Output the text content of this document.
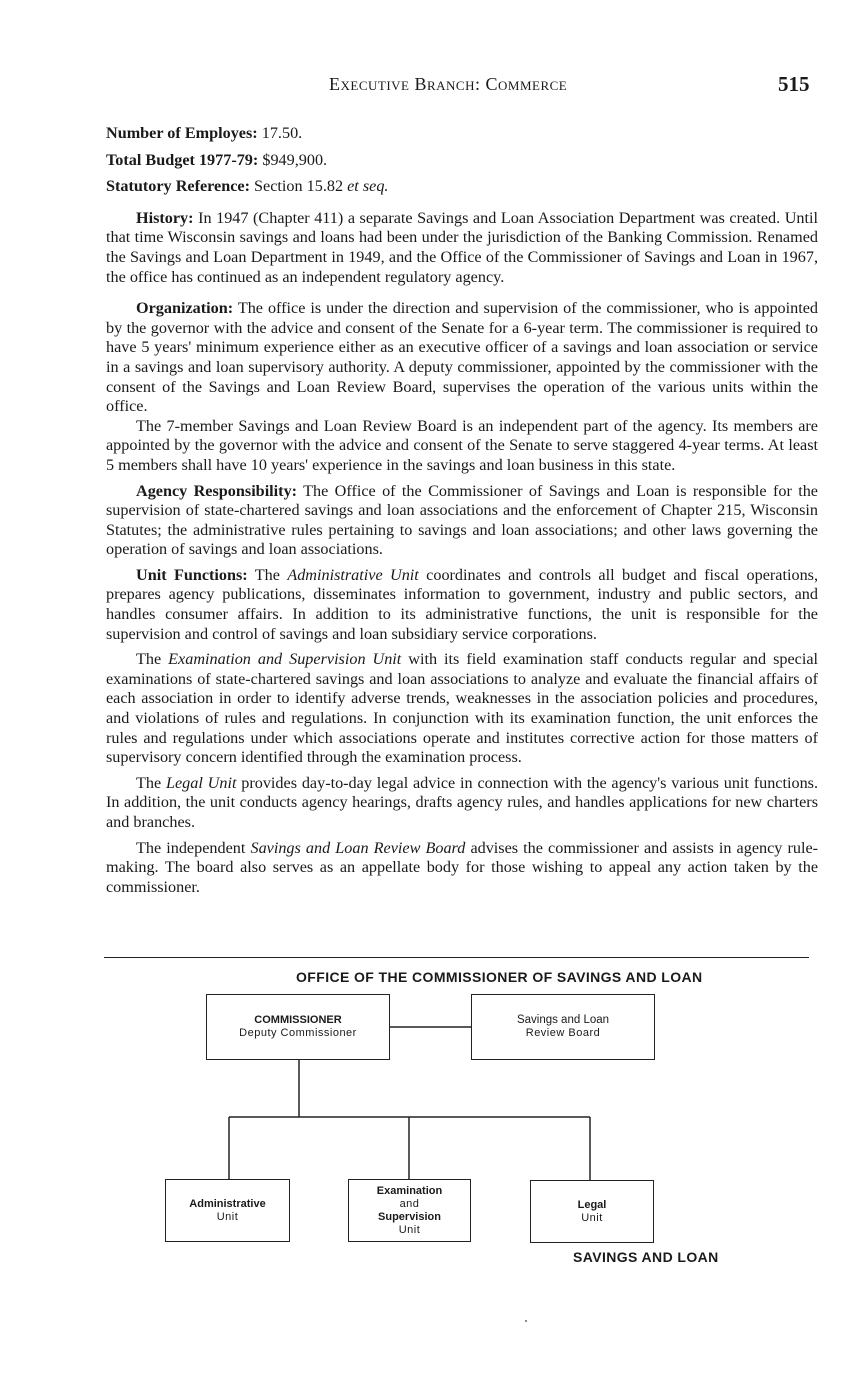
Executive Branch: Commerce	515

Number of Employes: 17.50.

Total Budget 1977-79: $949,900.

Statutory Reference: Section 15.82 et seq.

History: In 1947 (Chapter 411) a separate Savings and Loan Association Department was created. Until that time Wisconsin savings and loans had been under the jurisdiction of the Banking Commission. Renamed the Savings and Loan Department in 1949, and the Office of the Commissioner of Savings and Loan in 1967, the office has continued as an independent regulatory agency.

Organization: The office is under the direction and supervision of the commissioner, who is appointed by the governor with the advice and consent of the Senate for a 6-year term. The commissioner is required to have 5 years' minimum experience either as an executive officer of a savings and loan association or service in a savings and loan supervisory authority. A deputy commissioner, appointed by the commissioner with the consent of the Savings and Loan Review Board, supervises the operation of the various units within the office.

The 7-member Savings and Loan Review Board is an independent part of the agency. Its members are appointed by the governor with the advice and consent of the Senate to serve staggered 4-year terms. At least 5 members shall have 10 years' experience in the savings and loan business in this state.

Agency Responsibility: The Office of the Commissioner of Savings and Loan is responsible for the supervision of state-chartered savings and loan associations and the enforcement of Chapter 215, Wisconsin Statutes; the administrative rules pertaining to savings and loan associations; and other laws governing the operation of savings and loan associations.

Unit Functions: The Administrative Unit coordinates and controls all budget and fiscal operations, prepares agency publications, disseminates information to government, industry and public sectors, and handles consumer affairs. In addition to its administrative functions, the unit is responsible for the supervision and control of savings and loan subsidiary service corporations.

The Examination and Supervision Unit with its field examination staff conducts regular and special examinations of state-chartered savings and loan associations to analyze and evaluate the financial affairs of each association in order to identify adverse trends, weaknesses in the association policies and procedures, and violations of rules and regulations. In conjunction with its examination function, the unit enforces the rules and regulations under which associations operate and institutes corrective action for those matters of supervisory concern identified through the examination process.

The Legal Unit provides day-to-day legal advice in connection with the agency's various unit functions. In addition, the unit conducts agency hearings, drafts agency rules, and handles applications for new charters and branches.

The independent Savings and Loan Review Board advises the commissioner and assists in agency rule-making. The board also serves as an appellate body for those wishing to appeal any action taken by the commissioner.

OFFICE OF THE COMMISSIONER OF SAVINGS AND LOAN
COMMISSIONER
Deputy Commissioner
Savings and Loan
Review Board
Administrative
Unit
Examination
and
Supervision
Unit
Legal
Unit
SAVINGS AND LOAN
